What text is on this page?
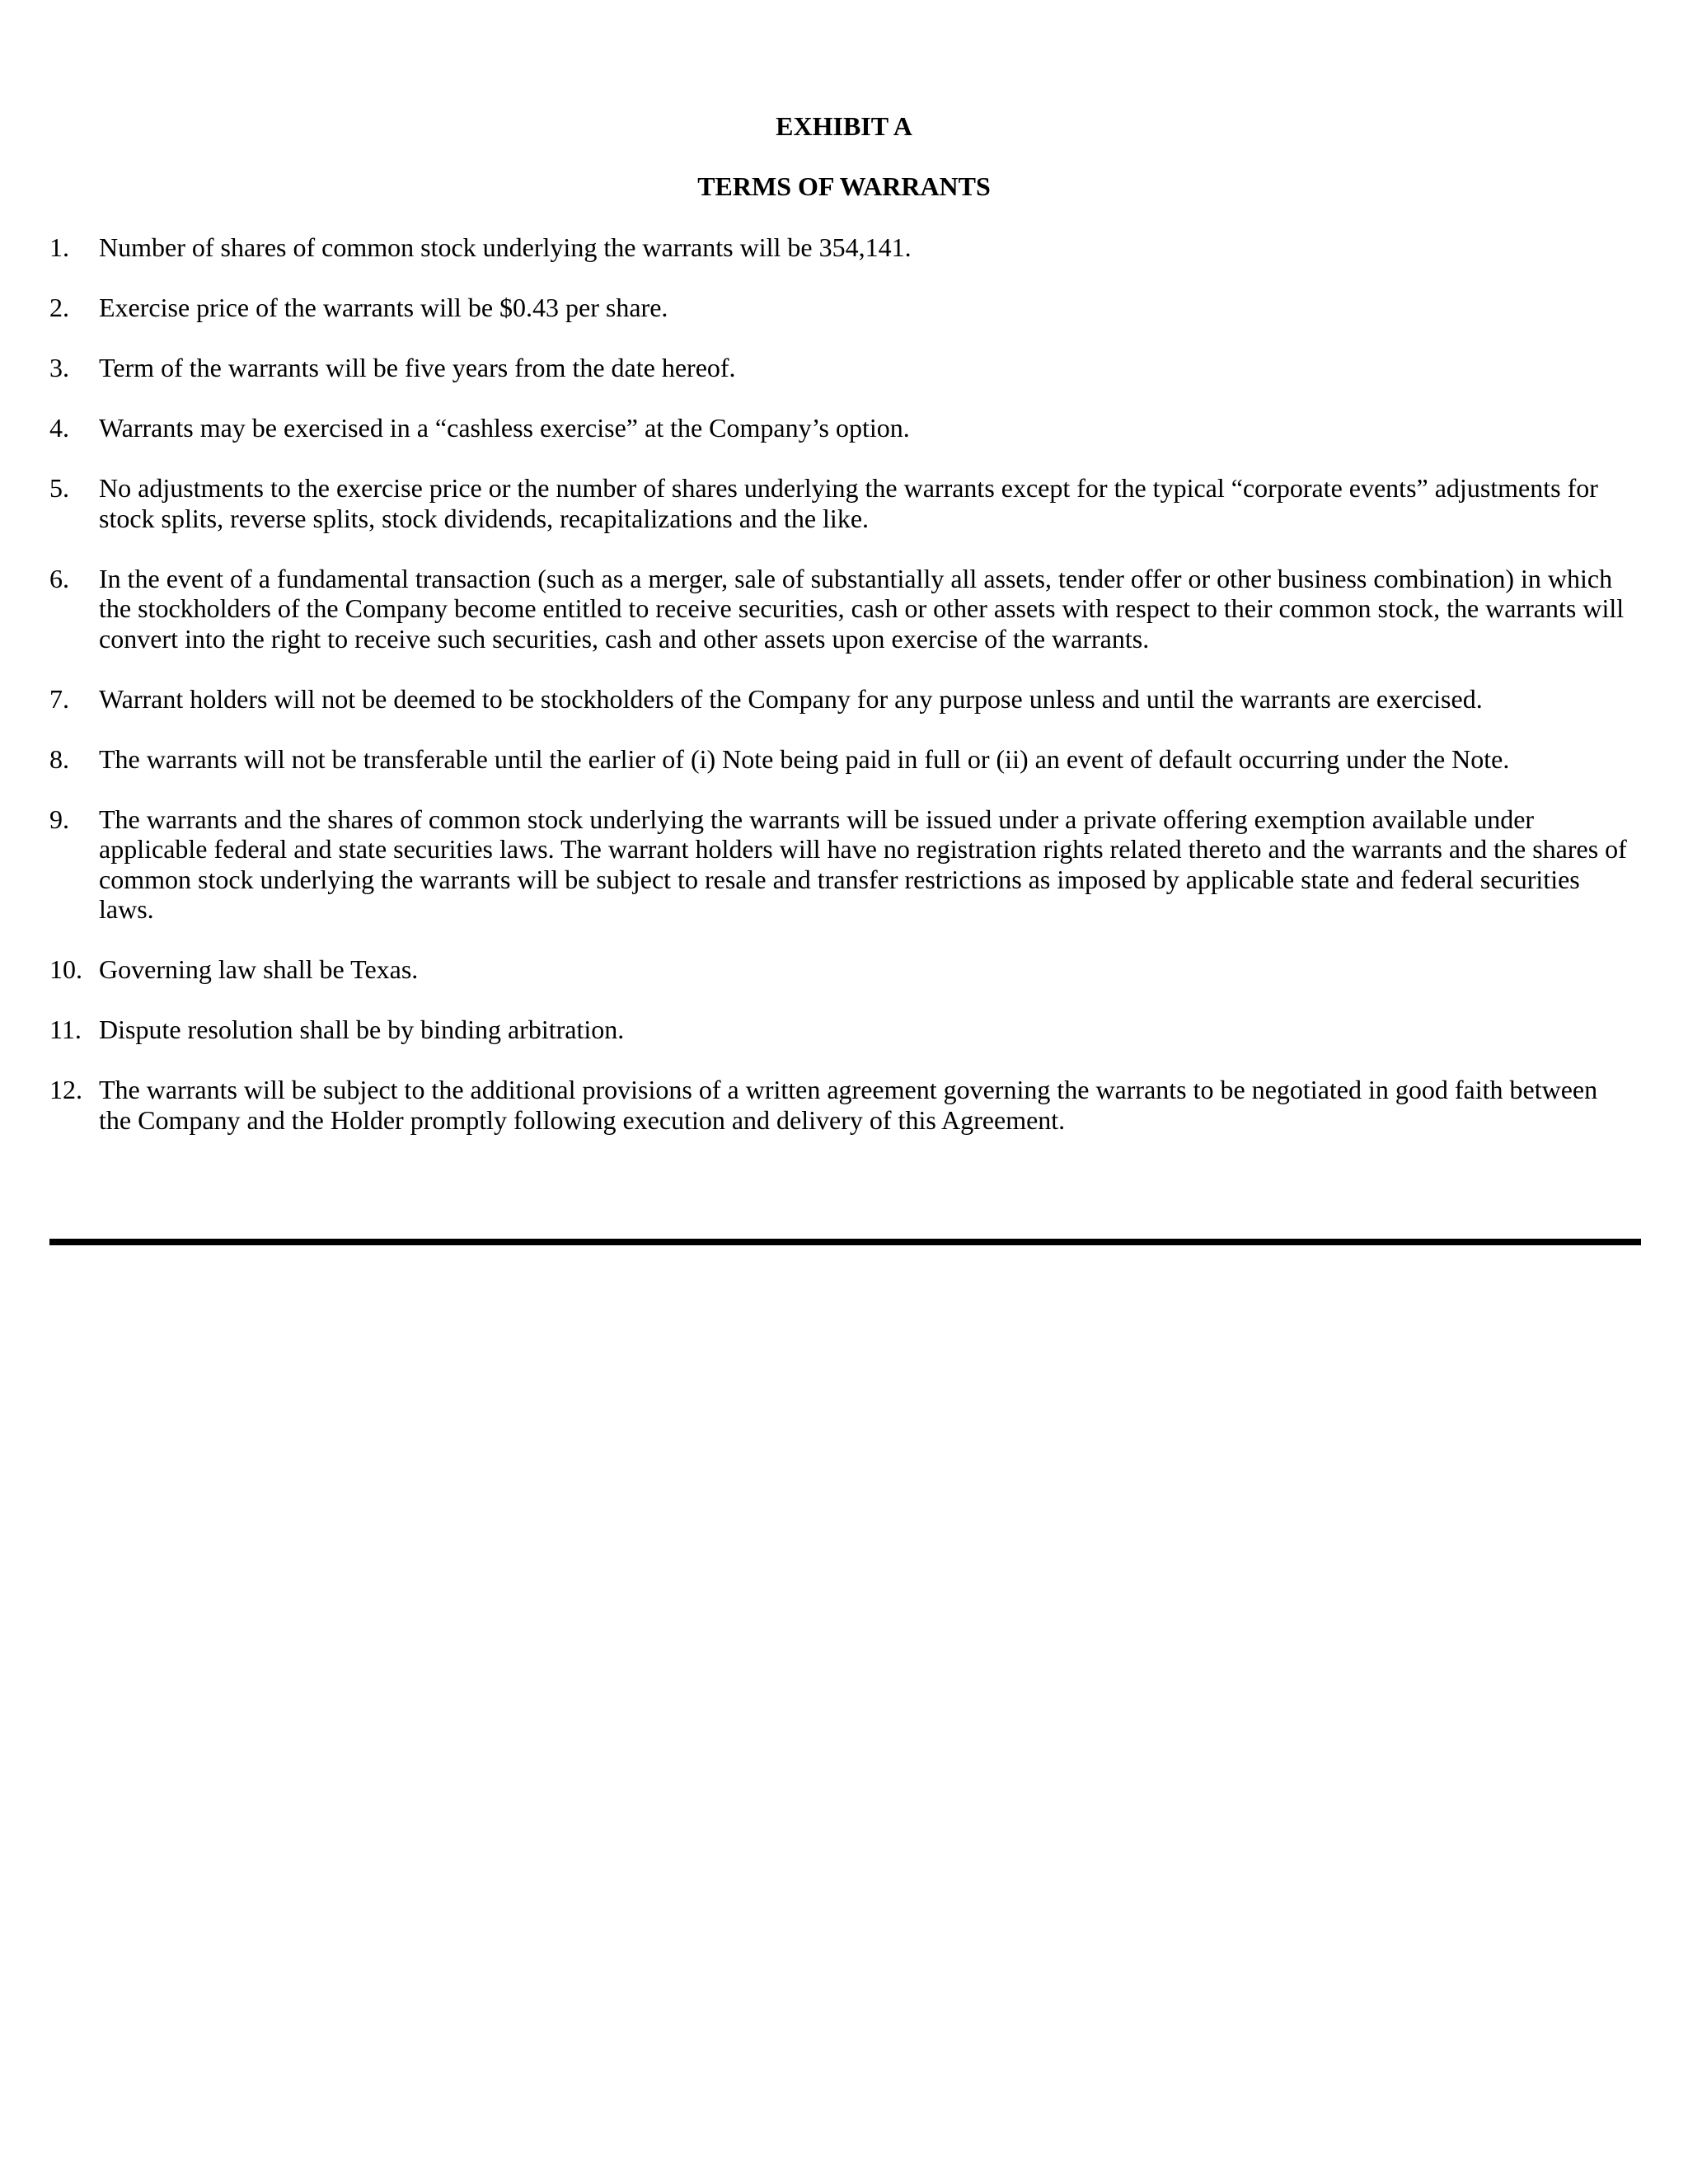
EXHIBIT A
TERMS OF WARRANTS
1.	Number of shares of common stock underlying the warrants will be 354,141.
2.	Exercise price of the warrants will be $0.43 per share.
3.	Term of the warrants will be five years from the date hereof.
4.	Warrants may be exercised in a “cashless exercise” at the Company’s option.
5.	No adjustments to the exercise price or the number of shares underlying the warrants except for the typical “corporate events” adjustments for stock splits, reverse splits, stock dividends, recapitalizations and the like.
6.	In the event of a fundamental transaction (such as a merger, sale of substantially all assets, tender offer or other business combination) in which the stockholders of the Company become entitled to receive securities, cash or other assets with respect to their common stock, the warrants will convert into the right to receive such securities, cash and other assets upon exercise of the warrants.
7.	Warrant holders will not be deemed to be stockholders of the Company for any purpose unless and until the warrants are exercised.
8.	The warrants will not be transferable until the earlier of (i) Note being paid in full or (ii) an event of default occurring under the Note.
9.	The warrants and the shares of common stock underlying the warrants will be issued under a private offering exemption available under applicable federal and state securities laws. The warrant holders will have no registration rights related thereto and the warrants and the shares of common stock underlying the warrants will be subject to resale and transfer restrictions as imposed by applicable state and federal securities laws.
10. Governing law shall be Texas.
11. Dispute resolution shall be by binding arbitration.
12. The warrants will be subject to the additional provisions of a written agreement governing the warrants to be negotiated in good faith between the Company and the Holder promptly following execution and delivery of this Agreement.
